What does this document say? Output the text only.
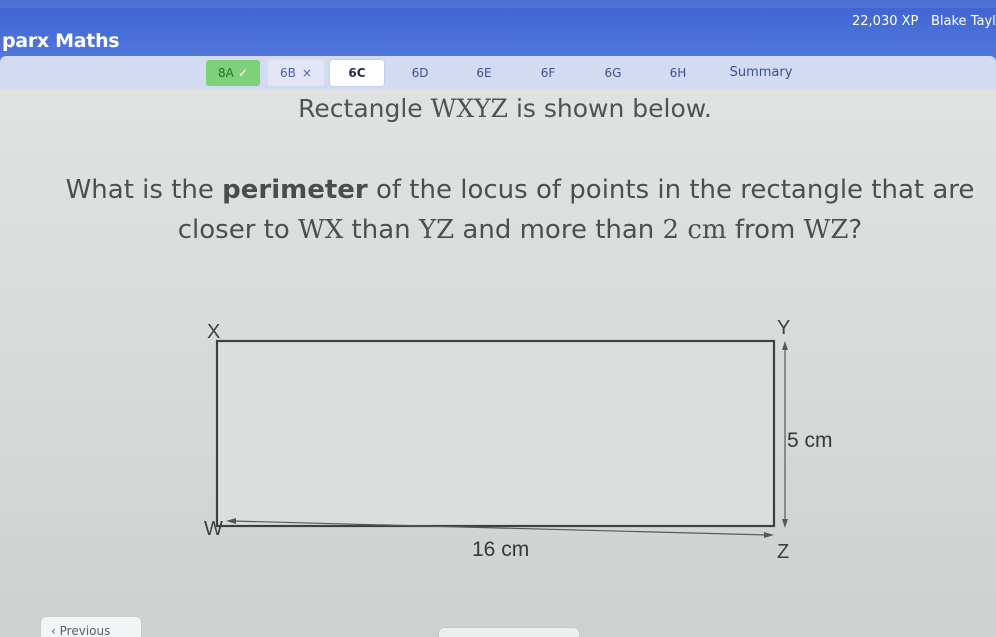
parx Maths
22,030 XP Blake Tayl
8A ✓	6B ×	6C	6D	6E	6F	6G	6H	Summary
Rectangle WXYZ is shown below.
What is the perimeter of the locus of points in the rectangle that are
closer to WX than YZ and more than 2 cm from WZ?
X	Y
W
Z
5 cm
16 cm
‹ Previous
